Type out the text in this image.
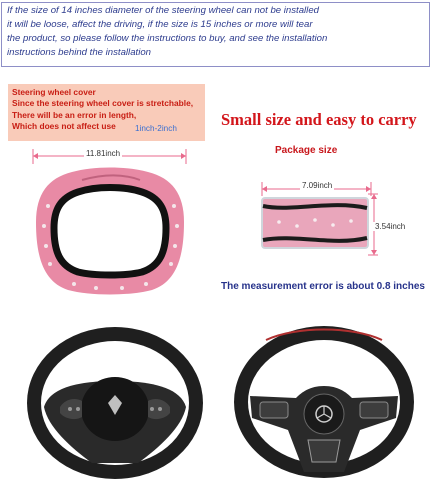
If the size of 14 inches diameter of the steering wheel can not be installed
it will be loose, affect the driving, if the size is 15 inches or more will tear
the product, so please follow the instructions to buy, and see the installation
instructions behind the installation
Steering wheel cover
Since the steering wheel cover is stretchable,
There will be an error in length,
Which does not affect use 1inch-2inch
11.81inch
Small size and easy to carry
Package size
7.09inch
3.54inch
The measurement error is about 0.8 inches
